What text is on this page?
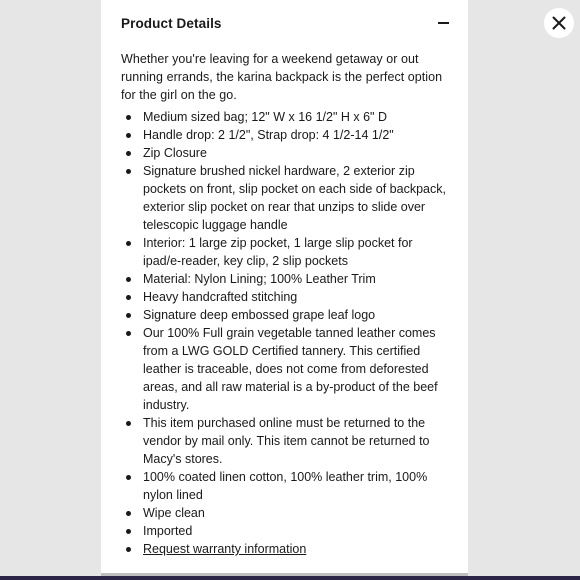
Product Details

Whether you're leaving for a weekend getaway or out running errands, the karina backpack is the perfect option for the girl on the go.

Medium sized bag; 12" W x 16 1/2" H x 6" D
Handle drop: 2 1/2", Strap drop: 4 1/2-14 1/2"
Zip Closure
Signature brushed nickel hardware, 2 exterior zip pockets on front, slip pocket on each side of backpack, exterior slip pocket on rear that unzips to slide over telescopic luggage handle
Interior: 1 large zip pocket, 1 large slip pocket for ipad/e-reader, key clip, 2 slip pockets
Material: Nylon Lining; 100% Leather Trim
Heavy handcrafted stitching
Signature deep embossed grape leaf logo
Our 100% Full grain vegetable tanned leather comes from a LWG GOLD Certified tannery. This certified leather is traceable, does not come from deforested areas, and all raw material is a by-product of the beef industry.
This item purchased online must be returned to the vendor by mail only. This item cannot be returned to Macy's stores.
100% coated linen cotton, 100% leather trim, 100% nylon lined
Wipe clean
Imported
Request warranty information
